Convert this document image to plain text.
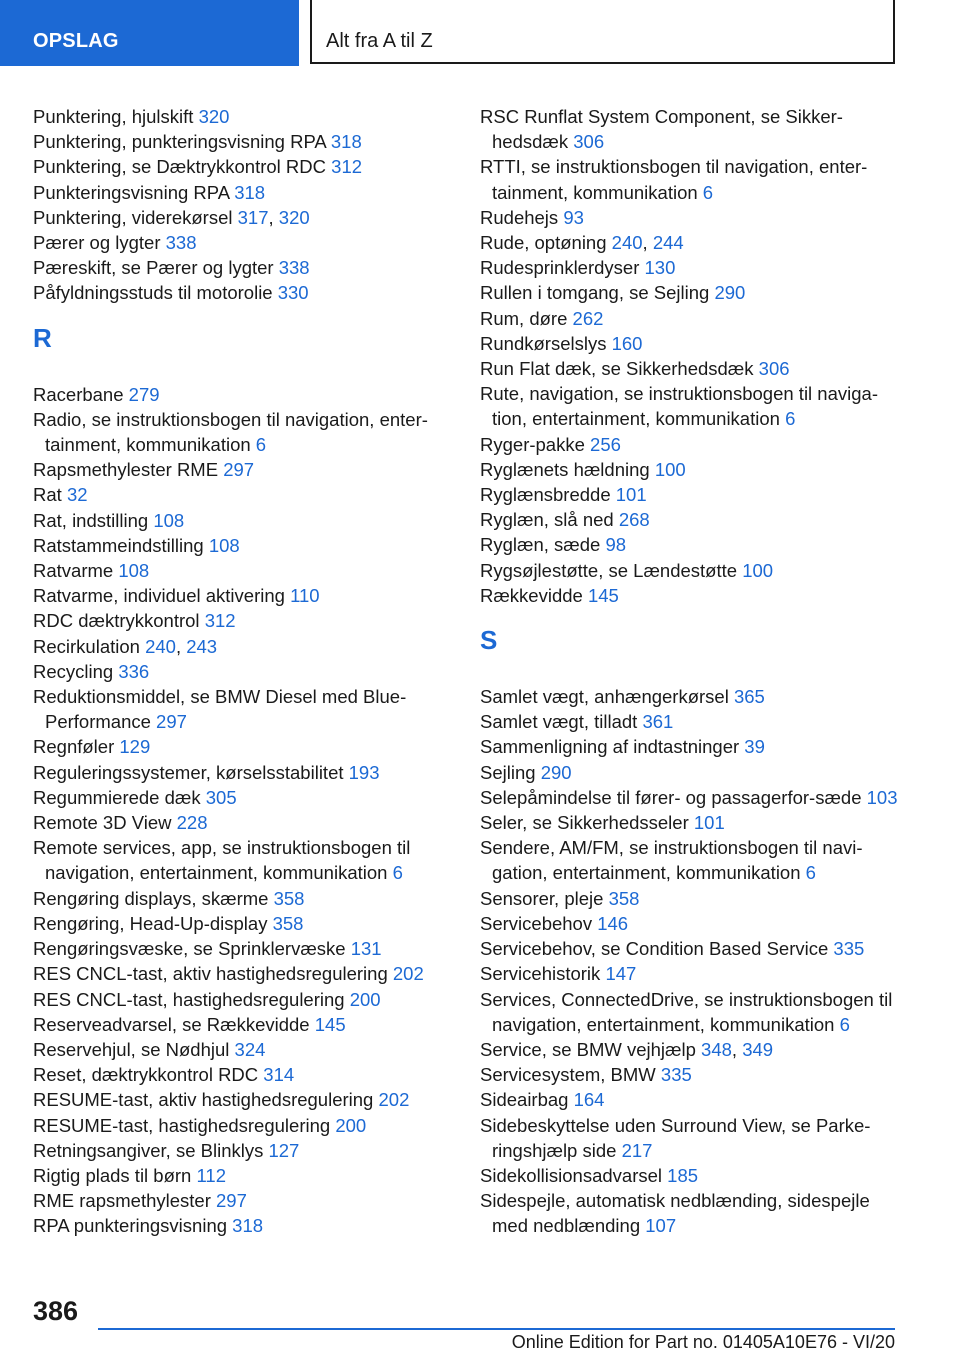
OPSLAG	Alt fra A til Z
Punktering, hjulskift 320
Punktering, punkteringsvisning RPA 318
Punktering, se Dæktrykkontrol RDC 312
Punkteringsvisning RPA 318
Punktering, viderekørsel 317, 320
Pærer og lygter 338
Pæreskift, se Pærer og lygter 338
Påfyldningsstuds til motorolie 330
R
Racerbane 279
Radio, se instruktionsbogen til navigation, enter-tainment, kommunikation 6
Rapsmethylester RME 297
Rat 32
Rat, indstilling 108
Ratstammeindstilling 108
Ratvarme 108
Ratvarme, individuel aktivering 110
RDC dæktrykkontrol 312
Recirkulation 240, 243
Recycling 336
Reduktionsmiddel, se BMW Diesel med Blue-Performance 297
Regnføler 129
Reguleringssystemer, kørselsstabilitet 193
Regummierede dæk 305
Remote 3D View 228
Remote services, app, se instruktionsbogen til navigation, entertainment, kommunikation 6
Rengøring displays, skærme 358
Rengøring, Head-Up-display 358
Rengøringsvæske, se Sprinklervæske 131
RES CNCL-tast, aktiv hastighedsregulering 202
RES CNCL-tast, hastighedsregulering 200
Reserveadvarsel, se Rækkevidde 145
Reservehjul, se Nødhjul 324
Reset, dæktrykkontrol RDC 314
RESUME-tast, aktiv hastighedsregulering 202
RESUME-tast, hastighedsregulering 200
Retningsangiver, se Blinklys 127
Rigtig plads til børn 112
RME rapsmethylester 297
RPA punkteringsvisning 318
RSC Runflat System Component, se Sikker-hedsdæk 306
RTTI, se instruktionsbogen til navigation, enter-tainment, kommunikation 6
Rudehejs 93
Rude, optøning 240, 244
Rudesprinklerdyser 130
Rullen i tomgang, se Sejling 290
Rum, døre 262
Rundkørselslys 160
Run Flat dæk, se Sikkerhedsdæk 306
Rute, navigation, se instruktionsbogen til naviga-tion, entertainment, kommunikation 6
Ryger-pakke 256
Ryglænets hældning 100
Ryglænsbredde 101
Ryglæn, slå ned 268
Ryglæn, sæde 98
Rygsøjlestøtte, se Lændestøtte 100
Rækkevidde 145
S
Samlet vægt, anhængerkørsel 365
Samlet vægt, tilladt 361
Sammenligning af indtastninger 39
Sejling 290
Selepåmindelse til fører- og passagerfor-sæde 103
Seler, se Sikkerhedsseler 101
Sendere, AM/FM, se instruktionsbogen til navi-gation, entertainment, kommunikation 6
Sensorer, pleje 358
Servicebehov 146
Servicebehov, se Condition Based Service 335
Servicehistorik 147
Services, ConnectedDrive, se instruktionsbogen til navigation, entertainment, kommunikation 6
Service, se BMW vejhjælp 348, 349
Servicesystem, BMW 335
Sideairbag 164
Sidebeskyttelse uden Surround View, se Parke-ringshjælp side 217
Sidekollisionsadvarsel 185
Sidespejle, automatisk nedblænding, sidespejle med nedblænding 107
386
Online Edition for Part no. 01405A10E76 - VI/20
